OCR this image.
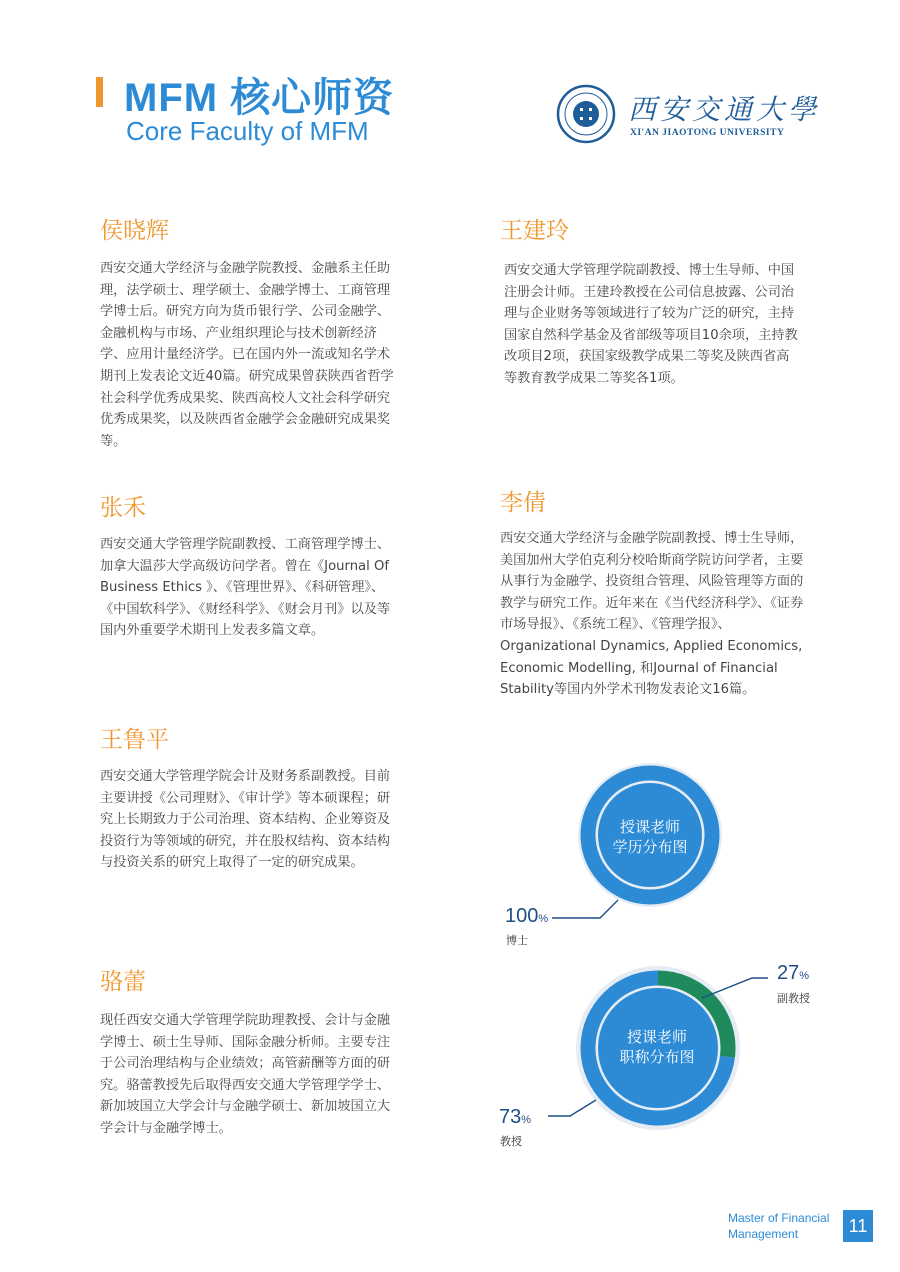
MFM 核心师资
Core Faculty of MFM
西安交通大學
XI'AN JIAOTONG UNIVERSITY
侯晓辉

西安交通大学经济与金融学院教授、金融系主任助理，法学硕士、理学硕士、金融学博士、工商管理学博士后。研究方向为货币银行学、公司金融学、金融机构与市场、产业组织理论与技术创新经济学、应用计量经济学。已在国内外一流或知名学术期刊上发表论文近40篇。研究成果曾获陕西省哲学社会科学优秀成果奖、陕西高校人文社会科学研究优秀成果奖，以及陕西省金融学会金融研究成果奖等。

张禾

西安交通大学管理学院副教授、工商管理学博士、加拿大温莎大学高级访问学者。曾在《Journal Of Business Ethics 》、《管理世界》、《科研管理》、《中国软科学》、《财经科学》、《财会月刊》以及等国内外重要学术期刊上发表多篇文章。

王鲁平

西安交通大学管理学院会计及财务系副教授。目前主要讲授《公司理财》、《审计学》等本硕课程；研究上长期致力于公司治理、资本结构、企业筹资及投资行为等领域的研究，并在股权结构、资本结构与投资关系的研究上取得了一定的研究成果。

骆蕾

现任西安交通大学管理学院助理教授、会计与金融学博士、硕士生导师、国际金融分析师。主要专注于公司治理结构与企业绩效；高管薪酬等方面的研究。骆蕾教授先后取得西安交通大学管理学学士、新加坡国立大学会计与金融学硕士、新加坡国立大学会计与金融学博士。

王建玲

西安交通大学管理学院副教授、博士生导师、中国注册会计师。王建玲教授在公司信息披露、公司治理与企业财务等领域进行了较为广泛的研究，主持国家自然科学基金及省部级等项目10余项，主持教改项目2项，获国家级教学成果二等奖及陕西省高等教育教学成果二等奖各1项。

李倩

西安交通大学经济与金融学院副教授、博士生导师，美国加州大学伯克利分校哈斯商学院访问学者，主要从事行为金融学、投资组合管理、风险管理等方面的教学与研究工作。近年来在《当代经济科学》、《证券市场导报》、《系统工程》、《管理学报》、Organizational Dynamics, Applied Economics, Economic Modelling, 和Journal of Financial Stability等国内外学术刊物发表论文16篇。

授课老师
学历分布图
100%
博士
授课老师
职称分布图
27%
副教授
73%
教授
Master of Financial
Management	11
